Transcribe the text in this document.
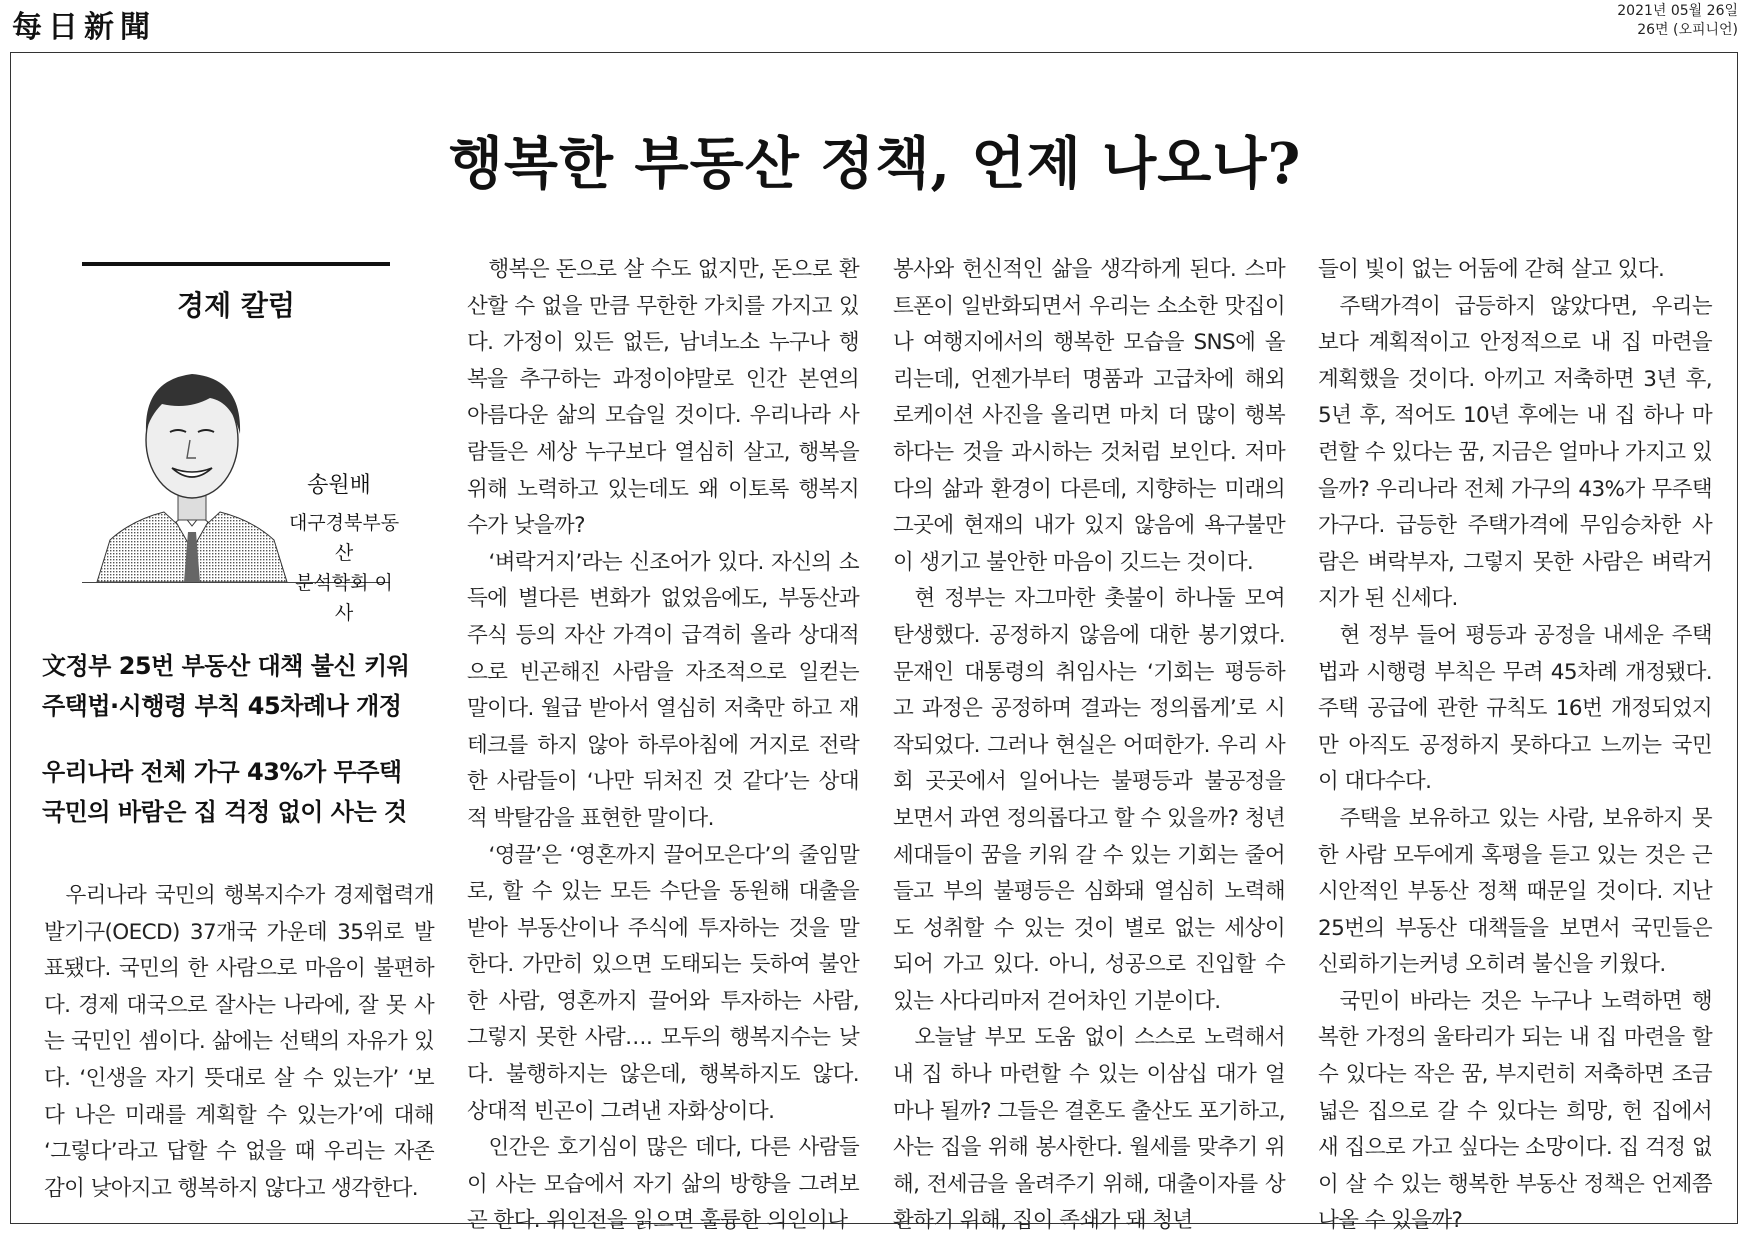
每日新聞	2021년 05월 26일
26면 (오피니언)
행복한 부동산 정책, 언제 나오나?
경제 칼럼
송원배
대구경북부동산
분석학회 이사

文정부 25번 부동산 대책 불신 키워
주택법·시행령 부칙 45차례나 개정

우리나라 전체 가구 43%가 무주택
국민의 바람은 집 걱정 없이 사는 것

우리나라 국민의 행복지수가 경제협력개발기구(OECD) 37개국 가운데 35위로 발표됐다. 국민의 한 사람으로 마음이 불편하다. 경제 대국으로 잘사는 나라에, 잘 못 사는 국민인 셈이다. 삶에는 선택의 자유가 있다. ‘인생을 자기 뜻대로 살 수 있는가’ ‘보다 나은 미래를 계획할 수 있는가’에 대해 ‘그렇다’라고 답할 수 없을 때 우리는 자존감이 낮아지고 행복하지 않다고 생각한다.

행복은 돈으로 살 수도 없지만, 돈으로 환산할 수 없을 만큼 무한한 가치를 가지고 있다. 가정이 있든 없든, 남녀노소 누구나 행복을 추구하는 과정이야말로 인간 본연의 아름다운 삶의 모습일 것이다. 우리나라 사람들은 세상 누구보다 열심히 살고, 행복을 위해 노력하고 있는데도 왜 이토록 행복지수가 낮을까?

‘벼락거지’라는 신조어가 있다. 자신의 소득에 별다른 변화가 없었음에도, 부동산과 주식 등의 자산 가격이 급격히 올라 상대적으로 빈곤해진 사람을 자조적으로 일컫는 말이다. 월급 받아서 열심히 저축만 하고 재테크를 하지 않아 하루아침에 거지로 전락한 사람들이 ‘나만 뒤처진 것 같다’는 상대적 박탈감을 표현한 말이다.

‘영끌’은 ‘영혼까지 끌어모은다’의 줄임말로, 할 수 있는 모든 수단을 동원해 대출을 받아 부동산이나 주식에 투자하는 것을 말한다. 가만히 있으면 도태되는 듯하여 불안한 사람, 영혼까지 끌어와 투자하는 사람, 그렇지 못한 사람…. 모두의 행복지수는 낮다. 불행하지는 않은데, 행복하지도 않다. 상대적 빈곤이 그려낸 자화상이다.

인간은 호기심이 많은 데다, 다른 사람들이 사는 모습에서 자기 삶의 방향을 그려보곤 한다. 위인전을 읽으면 훌륭한 의인이나

봉사와 헌신적인 삶을 생각하게 된다. 스마트폰이 일반화되면서 우리는 소소한 맛집이나 여행지에서의 행복한 모습을 SNS에 올리는데, 언젠가부터 명품과 고급차에 해외로케이션 사진을 올리면 마치 더 많이 행복하다는 것을 과시하는 것처럼 보인다. 저마다의 삶과 환경이 다른데, 지향하는 미래의 그곳에 현재의 내가 있지 않음에 욕구불만이 생기고 불안한 마음이 깃드는 것이다.

현 정부는 자그마한 촛불이 하나둘 모여 탄생했다. 공정하지 않음에 대한 봉기였다. 문재인 대통령의 취임사는 ‘기회는 평등하고 과정은 공정하며 결과는 정의롭게’로 시작되었다. 그러나 현실은 어떠한가. 우리 사회 곳곳에서 일어나는 불평등과 불공정을 보면서 과연 정의롭다고 할 수 있을까? 청년 세대들이 꿈을 키워 갈 수 있는 기회는 줄어들고 부의 불평등은 심화돼 열심히 노력해도 성취할 수 있는 것이 별로 없는 세상이 되어 가고 있다. 아니, 성공으로 진입할 수 있는 사다리마저 걷어차인 기분이다.

오늘날 부모 도움 없이 스스로 노력해서 내 집 하나 마련할 수 있는 이삼십 대가 얼마나 될까? 그들은 결혼도 출산도 포기하고, 사는 집을 위해 봉사한다. 월세를 맞추기 위해, 전세금을 올려주기 위해, 대출이자를 상환하기 위해, 집이 족쇄가 돼 청년

들이 빛이 없는 어둠에 갇혀 살고 있다.

주택가격이 급등하지 않았다면, 우리는 보다 계획적이고 안정적으로 내 집 마련을 계획했을 것이다. 아끼고 저축하면 3년 후, 5년 후, 적어도 10년 후에는 내 집 하나 마련할 수 있다는 꿈, 지금은 얼마나 가지고 있을까? 우리나라 전체 가구의 43%가 무주택 가구다. 급등한 주택가격에 무임승차한 사람은 벼락부자, 그렇지 못한 사람은 벼락거지가 된 신세다.

현 정부 들어 평등과 공정을 내세운 주택법과 시행령 부칙은 무려 45차례 개정됐다. 주택 공급에 관한 규칙도 16번 개정되었지만 아직도 공정하지 못하다고 느끼는 국민이 대다수다.

주택을 보유하고 있는 사람, 보유하지 못한 사람 모두에게 혹평을 듣고 있는 것은 근시안적인 부동산 정책 때문일 것이다. 지난 25번의 부동산 대책들을 보면서 국민들은 신뢰하기는커녕 오히려 불신을 키웠다.

국민이 바라는 것은 누구나 노력하면 행복한 가정의 울타리가 되는 내 집 마련을 할 수 있다는 작은 꿈, 부지런히 저축하면 조금 넓은 집으로 갈 수 있다는 희망, 헌 집에서 새 집으로 가고 싶다는 소망이다. 집 걱정 없이 살 수 있는 행복한 부동산 정책은 언제쯤 나올 수 있을까?
